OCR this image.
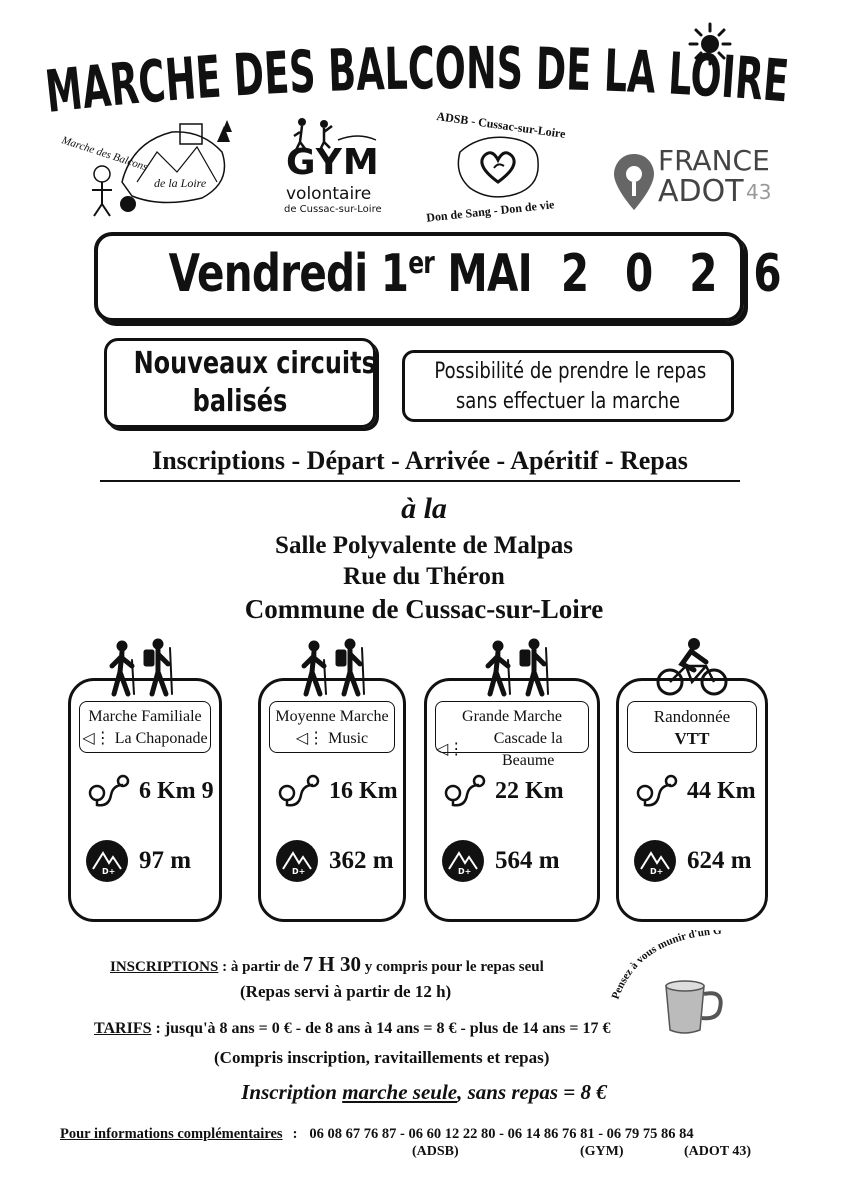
MARCHE DES BALCONS DE LA LOIRE
Marche des Balcons
de la Loire GYM
volontaire
de Cussac-sur-Loire
ADSB - Cussac-sur-Loire
Don de Sang - Don de vie
FRANCE
ADOT 43
Vendredi 1er MAI 2 0 2 6
Nouveaux circuits
balisés
Possibilité de prendre le repas
sans effectuer la marche
Inscriptions - Départ - Arrivée - Apéritif - Repas
à la
Salle Polyvalente de Malpas
Rue du Théron
Commune de Cussac-sur-Loire
Marche Familiale
◁⋮ La Chaponade
6 Km 9
D+ 97 m
Moyenne Marche
◁⋮ Music
16 Km
D+ 362 m
Grande Marche
◁⋮
Cascade la Beaume
22 Km
D+ 564 m
Randonnée
VTT
44 Km
D+ 624 m
INSCRIPTIONS : à partir de 7 H 30 y compris pour le repas seul
(Repas servi à partir de 12 h)
TARIFS : jusqu'à 8 ans = 0 € - de 8 ans à 14 ans = 8 € - plus de 14 ans = 17 €
(Compris inscription, ravitaillements et repas)
Inscription marche seule, sans repas = 8 €
Pensez à vous munir d'un G
Pour informations complémentaires : 06 08 67 76 87 - 06 60 12 22 80 - 06 14 86 76 81 - 06 79 75 86 84
(ADSB)	(GYM)	(ADOT 43)
